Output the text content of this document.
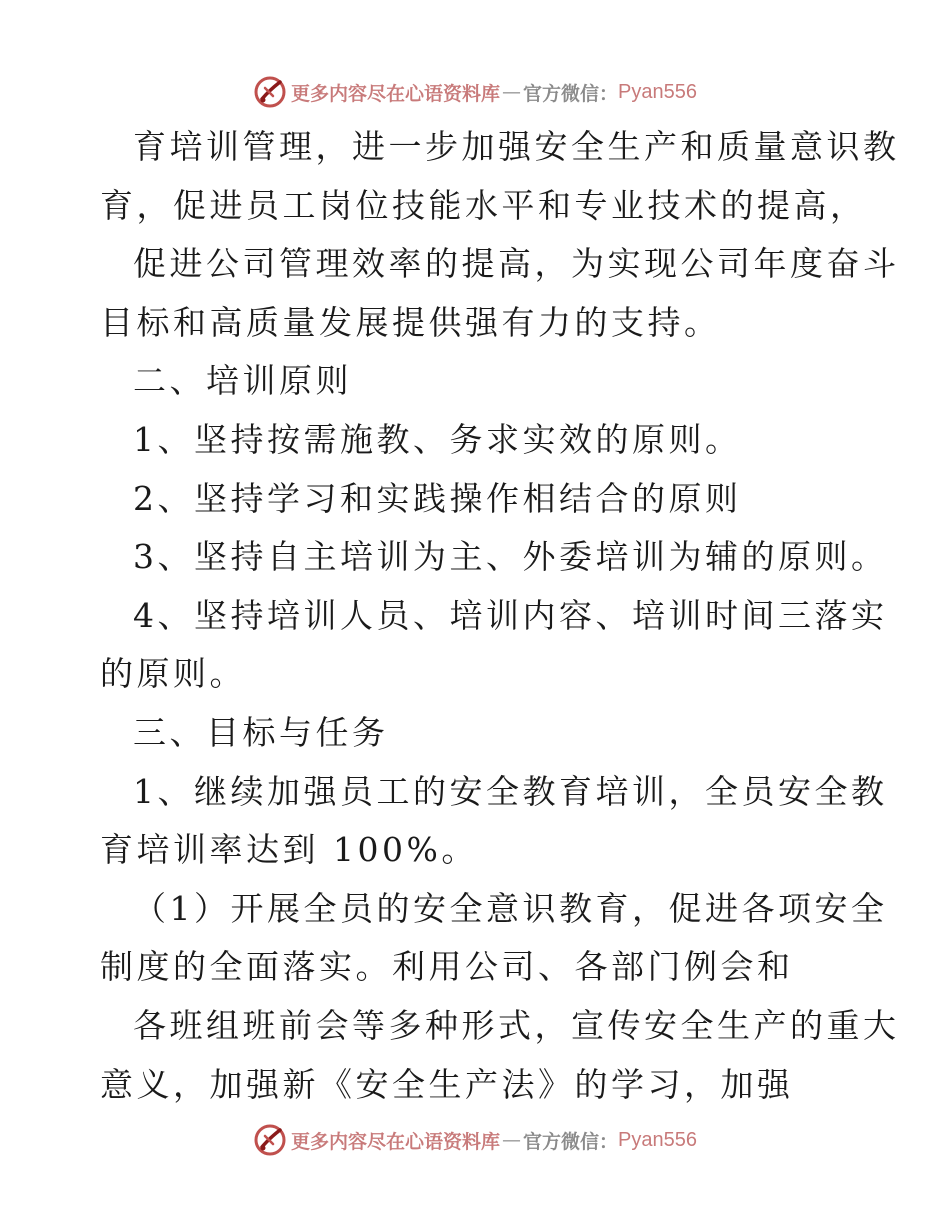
更多内容尽在心语资料库 — 官方微信： Pyan556
育培训管理，进一步加强安全生产和质量意识教
育，促进员工岗位技能水平和专业技术的提高，
促进公司管理效率的提高，为实现公司年度奋斗
目标和高质量发展提供强有力的支持。
二、培训原则
1、坚持按需施教、务求实效的原则。
2、坚持学习和实践操作相结合的原则
3、坚持自主培训为主、外委培训为辅的原则。
4、坚持培训人员、培训内容、培训时间三落实
的原则。
三、目标与任务
1、继续加强员工的安全教育培训，全员安全教
育培训率达到 100%。
（1）开展全员的安全意识教育，促进各项安全
制度的全面落实。利用公司、各部门例会和
各班组班前会等多种形式，宣传安全生产的重大
意义，加强新《安全生产法》的学习，加强
更多内容尽在心语资料库 — 官方微信： Pyan556
